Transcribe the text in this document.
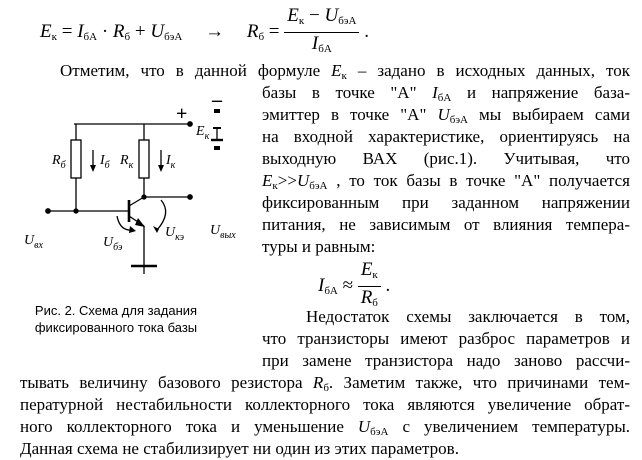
$E_к = I_{бА} \cdot R_б + U_{бэА} \to R_б = \frac{E_к - U_{бэА}}{I_{бА}}$ .
Отметим, что в данной формуле $E_к$ – задано в исходных данных, ток
базы в точке "А" $I_{бА}$ и напряжение база-
эмиттер в точке "А" $U_{бэА}$ мы выбираем сами
на входной характеристике, ориентируясь на
выходную ВАХ (рис.1). Учитывая, что
$E_к>>U_{бэА}$ , то ток базы в точке "А" получается
фиксированным при заданном напряжении
питания, не зависимым от влияния темпера-
туры и равным:
$I_{бА} \approx \frac{E_к}{R_б}$ .
Недостаток схемы заключается в том,
что транзисторы имеют разброс параметров и
при замене транзистора надо заново рассчи-
тывать величину базового резистора $R_б$. Заметим также, что причинами тем-
пературной нестабильности коллекторного тока являются увеличение обрат-
ного коллекторного тока и уменьшение $U_{бэА}$ с увеличением температуры.
Данная схема не стабилизирует ни один из этих параметров.
Рис. 2. Схема для задания
фиксированного тока базы
+
–
$E_к$
$R_б$ $I_б$ $R_к$ $I_к$
$U_{вх}$	$U_{бэ}$
$U_{кэ}$ $U_{вых}$
